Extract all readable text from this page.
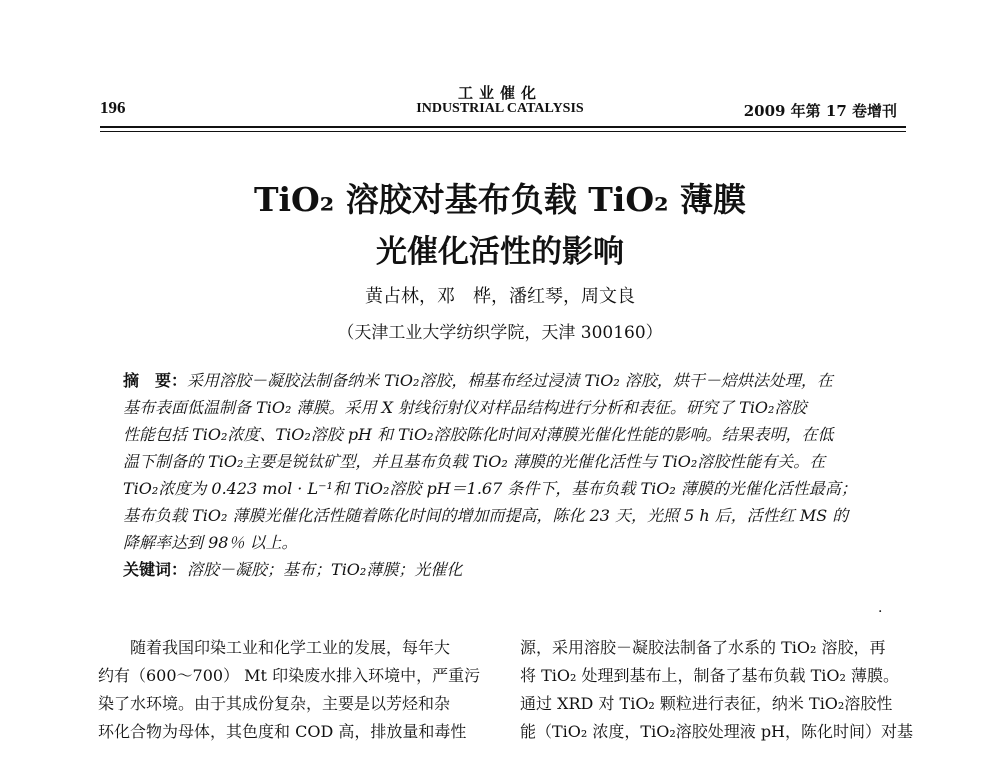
工业催化
196	INDUSTRIAL CATALYSIS	2009 年第 17 卷增刊
TiO₂ 溶胶对基布负载 TiO₂ 薄膜
光催化活性的影响
黄占林，邓　桦，潘红琴，周文良
（天津工业大学纺织学院，天津 300160）

摘　要：采用溶胶－凝胶法制备纳米 TiO₂溶胶，棉基布经过浸渍 TiO₂ 溶胶，烘干－焙烘法处理，在

基布表面低温制备 TiO₂ 薄膜。采用 X 射线衍射仪对样品结构进行分析和表征。研究了 TiO₂溶胶

性能包括 TiO₂浓度、TiO₂溶胶 pH 和 TiO₂溶胶陈化时间对薄膜光催化性能的影响。结果表明，在低

温下制备的 TiO₂主要是锐钛矿型，并且基布负载 TiO₂ 薄膜的光催化活性与 TiO₂溶胶性能有关。在

TiO₂浓度为 0.423 mol · L⁻¹和 TiO₂溶胶 pH＝1.67 条件下，基布负载 TiO₂ 薄膜的光催化活性最高；

基布负载 TiO₂ 薄膜光催化活性随着陈化时间的增加而提高，陈化 23 天，光照 5 h 后，活性红 MS 的

降解率达到 98％ 以上。

关键词：溶胶－凝胶；基布；TiO₂薄膜；光催化

·

　　随着我国印染工业和化学工业的发展，每年大

约有（600～700） Mt 印染废水排入环境中，严重污

染了水环境。由于其成份复杂，主要是以芳烃和杂

环化合物为母体，其色度和 COD 高，排放量和毒性

源，采用溶胶－凝胶法制备了水系的 TiO₂ 溶胶，再

将 TiO₂ 处理到基布上，制备了基布负载 TiO₂ 薄膜。

通过 XRD 对 TiO₂ 颗粒进行表征，纳米 TiO₂溶胶性

能（TiO₂ 浓度，TiO₂溶胶处理液 pH，陈化时间）对基
